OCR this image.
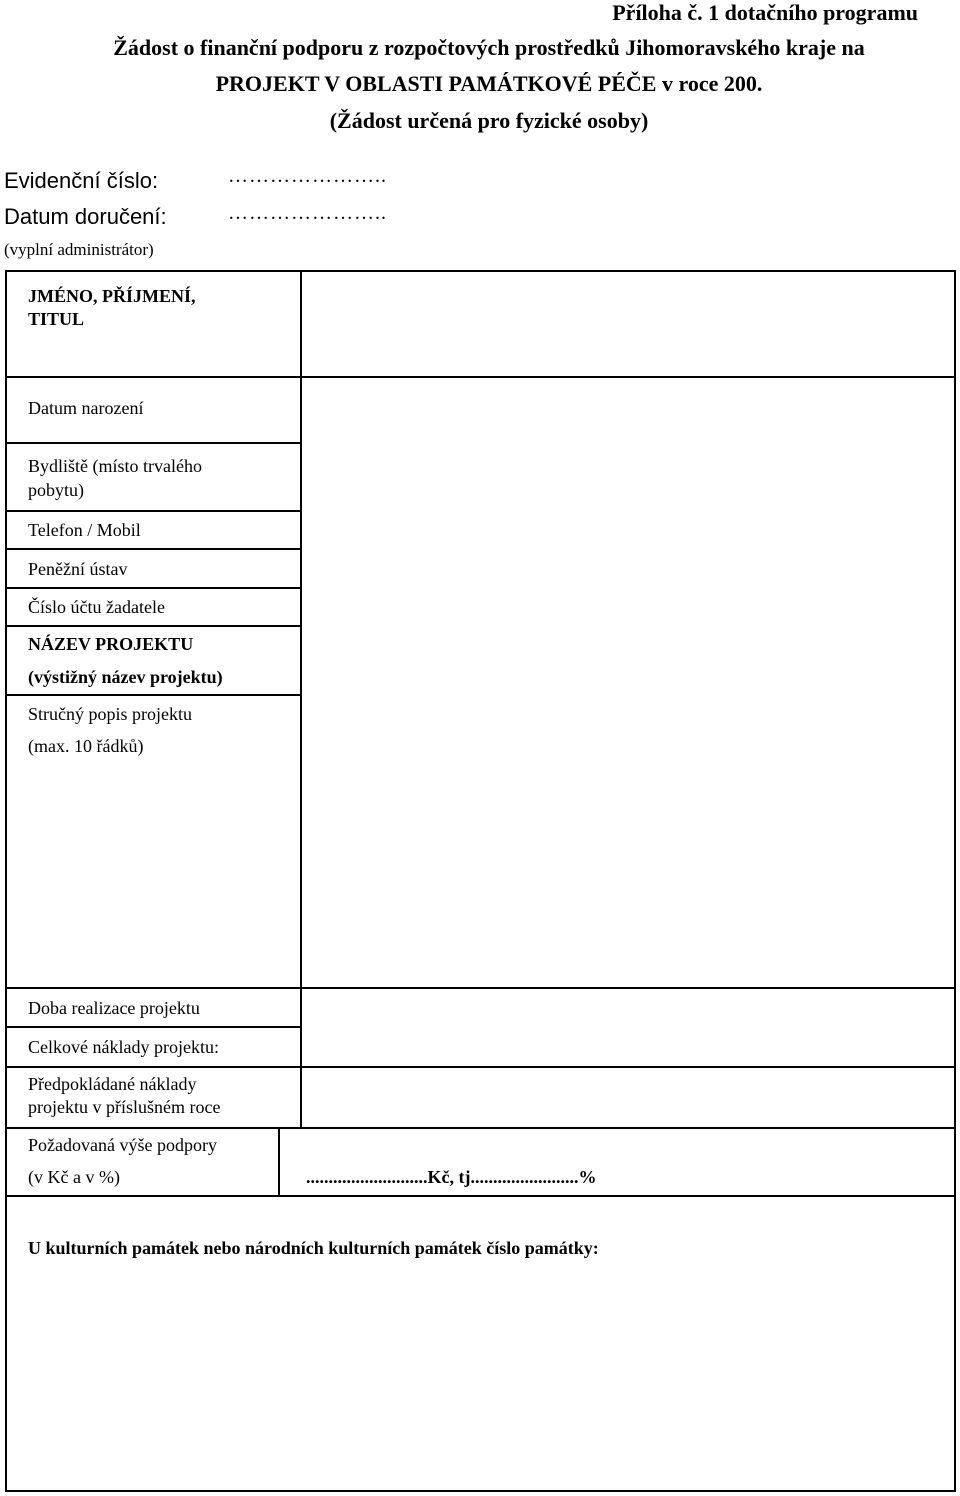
Příloha č. 1 dotačního programu
Žádost o finanční podporu z rozpočtových prostředků Jihomoravského kraje na
PROJEKT V OBLASTI PAMÁTKOVÉ PÉČE v roce 200.
(Žádost určená pro fyzické osoby)
Evidenční číslo:	…………………..
Datum doručení:	…………………..
(vyplní administrátor)
JMÉNO, PŘÍJMENÍ,
TITUL
Datum narození
Bydliště (místo trvalého
pobytu)
Telefon / Mobil
Peněžní ústav
Číslo účtu žadatele
NÁZEV PROJEKTU
(výstižný název projektu)
Stručný popis projektu
(max. 10 řádků)
Doba realizace projektu
Celkové náklady projektu:
Předpokládané náklady
projektu v příslušném roce
Požadovaná výše podpory
(v Kč a v %)	...........................Kč, tj........................%
U kulturních památek nebo národních kulturních památek číslo památky:
